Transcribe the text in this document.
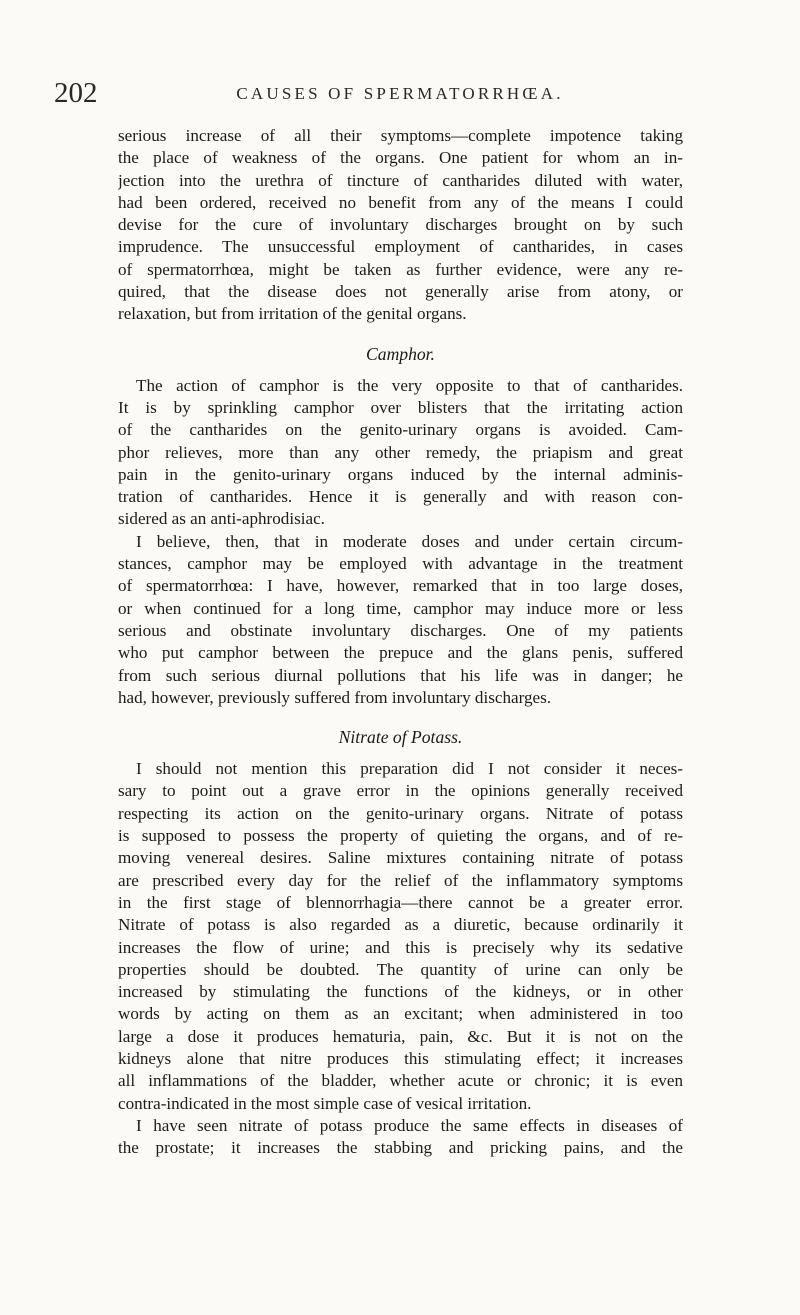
202	CAUSES OF SPERMATORRHŒA.
serious increase of all their symptoms—complete impotence taking
the place of weakness of the organs. One patient for whom an in-
jection into the urethra of tincture of cantharides diluted with water,
had been ordered, received no benefit from any of the means I could
devise for the cure of involuntary discharges brought on by such
imprudence. The unsuccessful employment of cantharides, in cases
of spermatorrhœa, might be taken as further evidence, were any re-
quired, that the disease does not generally arise from atony, or
relaxation, but from irritation of the genital organs.
Camphor.
The action of camphor is the very opposite to that of cantharides.
It is by sprinkling camphor over blisters that the irritating action
of the cantharides on the genito-urinary organs is avoided. Cam-
phor relieves, more than any other remedy, the priapism and great
pain in the genito-urinary organs induced by the internal adminis-
tration of cantharides. Hence it is generally and with reason con-
sidered as an anti-aphrodisiac.
I believe, then, that in moderate doses and under certain circum-
stances, camphor may be employed with advantage in the treatment
of spermatorrhœa: I have, however, remarked that in too large doses,
or when continued for a long time, camphor may induce more or less
serious and obstinate involuntary discharges. One of my patients
who put camphor between the prepuce and the glans penis, suffered
from such serious diurnal pollutions that his life was in danger; he
had, however, previously suffered from involuntary discharges.
Nitrate of Potass.
I should not mention this preparation did I not consider it neces-
sary to point out a grave error in the opinions generally received
respecting its action on the genito-urinary organs. Nitrate of potass
is supposed to possess the property of quieting the organs, and of re-
moving venereal desires. Saline mixtures containing nitrate of potass
are prescribed every day for the relief of the inflammatory symptoms
in the first stage of blennorrhagia—there cannot be a greater error.
Nitrate of potass is also regarded as a diuretic, because ordinarily it
increases the flow of urine; and this is precisely why its sedative
properties should be doubted. The quantity of urine can only be
increased by stimulating the functions of the kidneys, or in other
words by acting on them as an excitant; when administered in too
large a dose it produces hematuria, pain, &c. But it is not on the
kidneys alone that nitre produces this stimulating effect; it increases
all inflammations of the bladder, whether acute or chronic; it is even
contra-indicated in the most simple case of vesical irritation.
I have seen nitrate of potass produce the same effects in diseases of
the prostate; it increases the stabbing and pricking pains, and the
